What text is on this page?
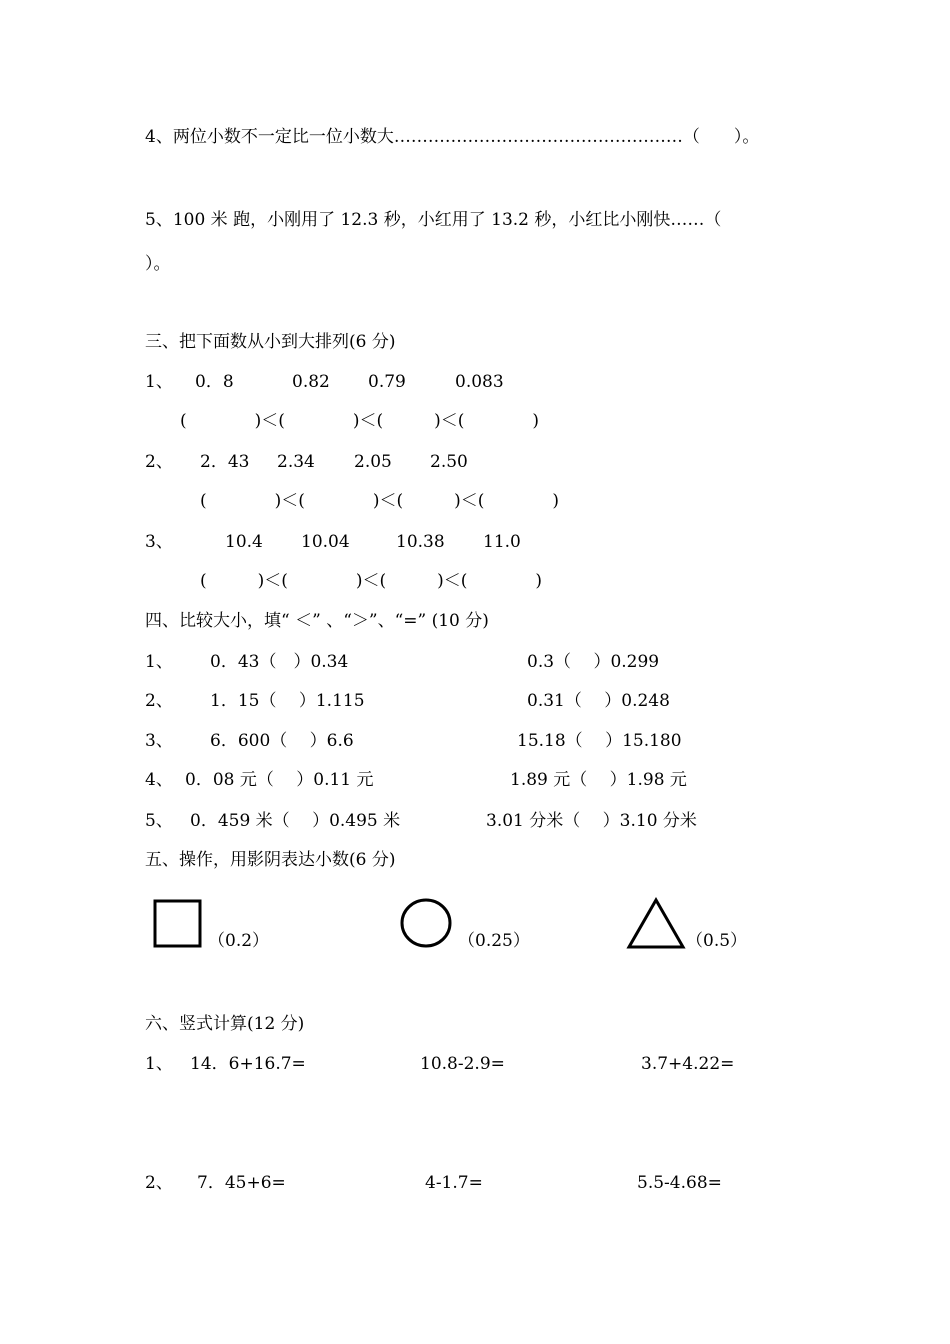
4、两位小数不一定比一位小数大……………………………………………（　　）。
5、100 米 跑，小刚用了 12.3 秒，小红用了 13.2 秒，小红比小刚快……（
）。
三、把下面数从小到大排列(6 分)
1、 0．8	0.82 0.79	0.083
(　　　　)＜(　　　　)＜(　　　)＜(　　　　)
2、 2．43 2.34 2.05 2.50
(　　　　)＜(　　　　)＜(　　　)＜(　　　　)
3、	10.4 10.04	10.38 11.0
(　　　)＜(　　　　)＜(　　　)＜(　　　　)
四、比较大小，填“ ＜” 、“＞”、“=” (10 分)
1、 0．43（　）0.34	0.3（　 ）0.299
2、 1．15（　 ）1.115	0.31（　 ）0.248
3、 6．600（　 ）6.6	15.18（　 ）15.180
4、 0．08 元（　 ）0.11 元	1.89 元（　 ）1.98 元
5、 0．459 米（　 ）0.495 米	3.01 分米（　 ）3.10 分米
五、操作，用影阴表达小数(6 分)
（0.2）	（0.25）	（0.5）
六、竖式计算(12 分)
1、 14．6+16.7=	10.8-2.9=	3.7+4.22=
2、 7．45+6=	4-1.7=	5.5-4.68=
